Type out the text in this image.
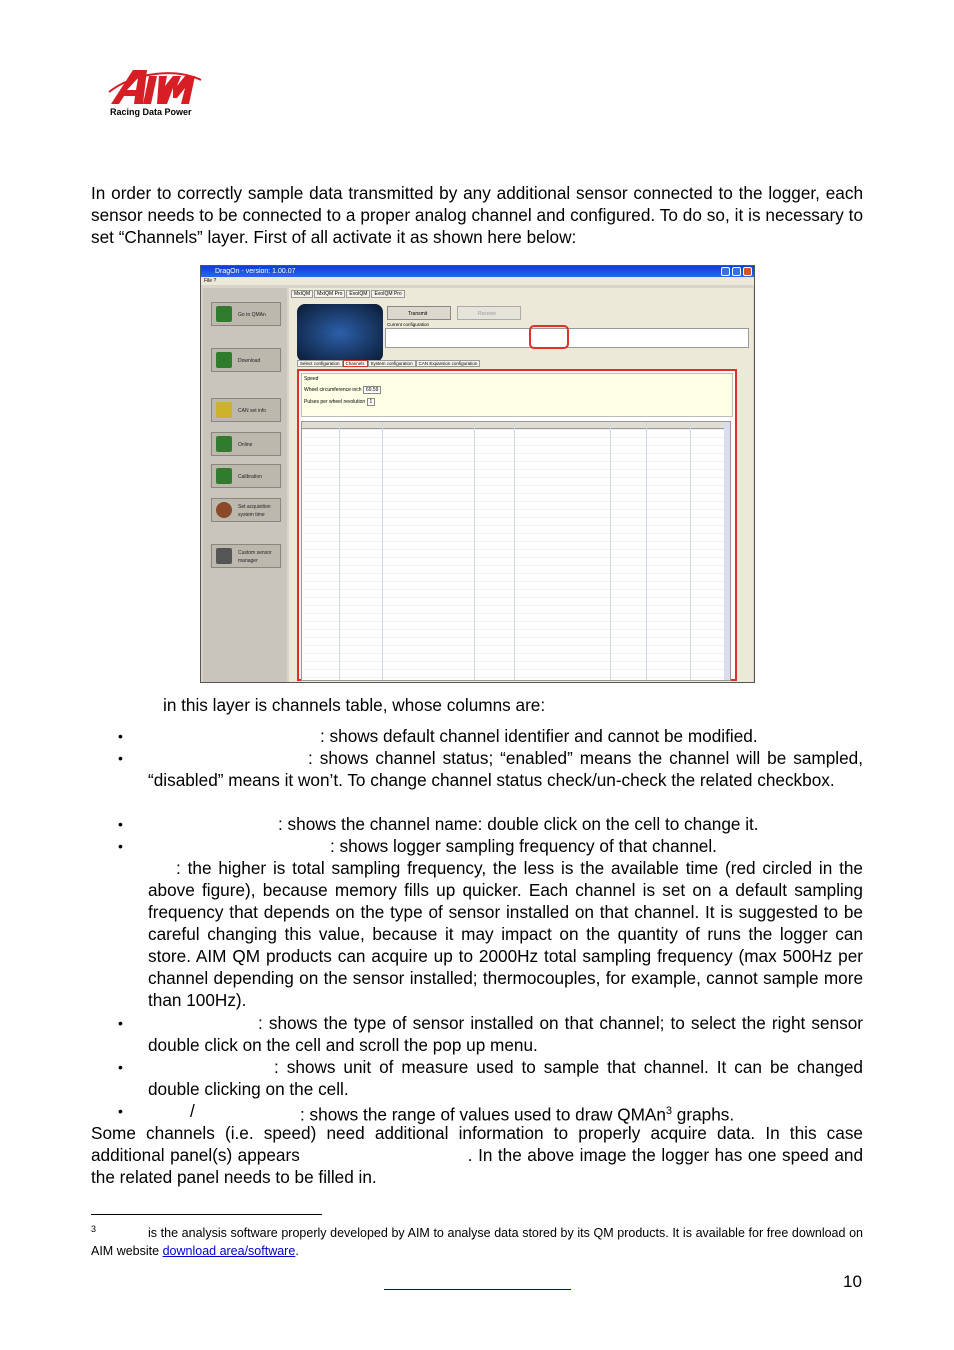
Racing Data Power
In order to correctly sample data transmitted by any additional sensor connected to the logger, each sensor needs to be connected to a proper analog channel and configured. To do so, it is necessary to set “Channels” layer. First of all activate it as shown here below:
DragOn - version: 1.00.07
File ?
Go to QMAn
Download
CAN set info
Online
Calibration
Set acquisition system time
Custom sensor manager
MxIQM MxIQM Pro EvoIQM EvoIQM Pro
Transmit	Receive
Current configuration
Select configuration Channels System configuration CAN Expansion configuration
Speed
Wheel circumference inch 69.59
Pulses per wheel revolution 1
in this layer is channels table, whose columns are:
•	: shows default channel identifier and cannot be modified.
•	: shows channel status; “enabled” means the channel will be sampled, “disabled” means it won’t. To change channel status check/un-check the related checkbox.
•	: shows the channel name: double click on the cell to change it.
•	: shows logger sampling frequency of that channel.
: the higher is total sampling frequency, the less is the available time (red circled in the above figure), because memory fills up quicker. Each channel is set on a default sampling frequency that depends on the type of sensor installed on that channel. It is suggested to be careful changing this value, because it may impact on the quantity of runs the logger can store. AIM QM products can acquire up to 2000Hz total sampling frequency (max 500Hz per channel depending on the sensor installed; thermocouples, for example, cannot sample more than 100Hz).
•	: shows the type of sensor installed on that channel; to select the right sensor double click on the cell and scroll the pop up menu.
•	: shows unit of measure used to sample that channel. It can be changed double clicking on the cell.
•	/	: shows the range of values used to draw QMAn$^3$ graphs.
Some channels (i.e. speed) need additional information to properly acquire data. In this case additional panel(s) appears	. In the above image the logger has one speed and the related panel needs to be filled in.
$^3$	is the analysis software properly developed by AIM to analyse data stored by its QM products. It is available for free download on AIM website download area/software.
10
